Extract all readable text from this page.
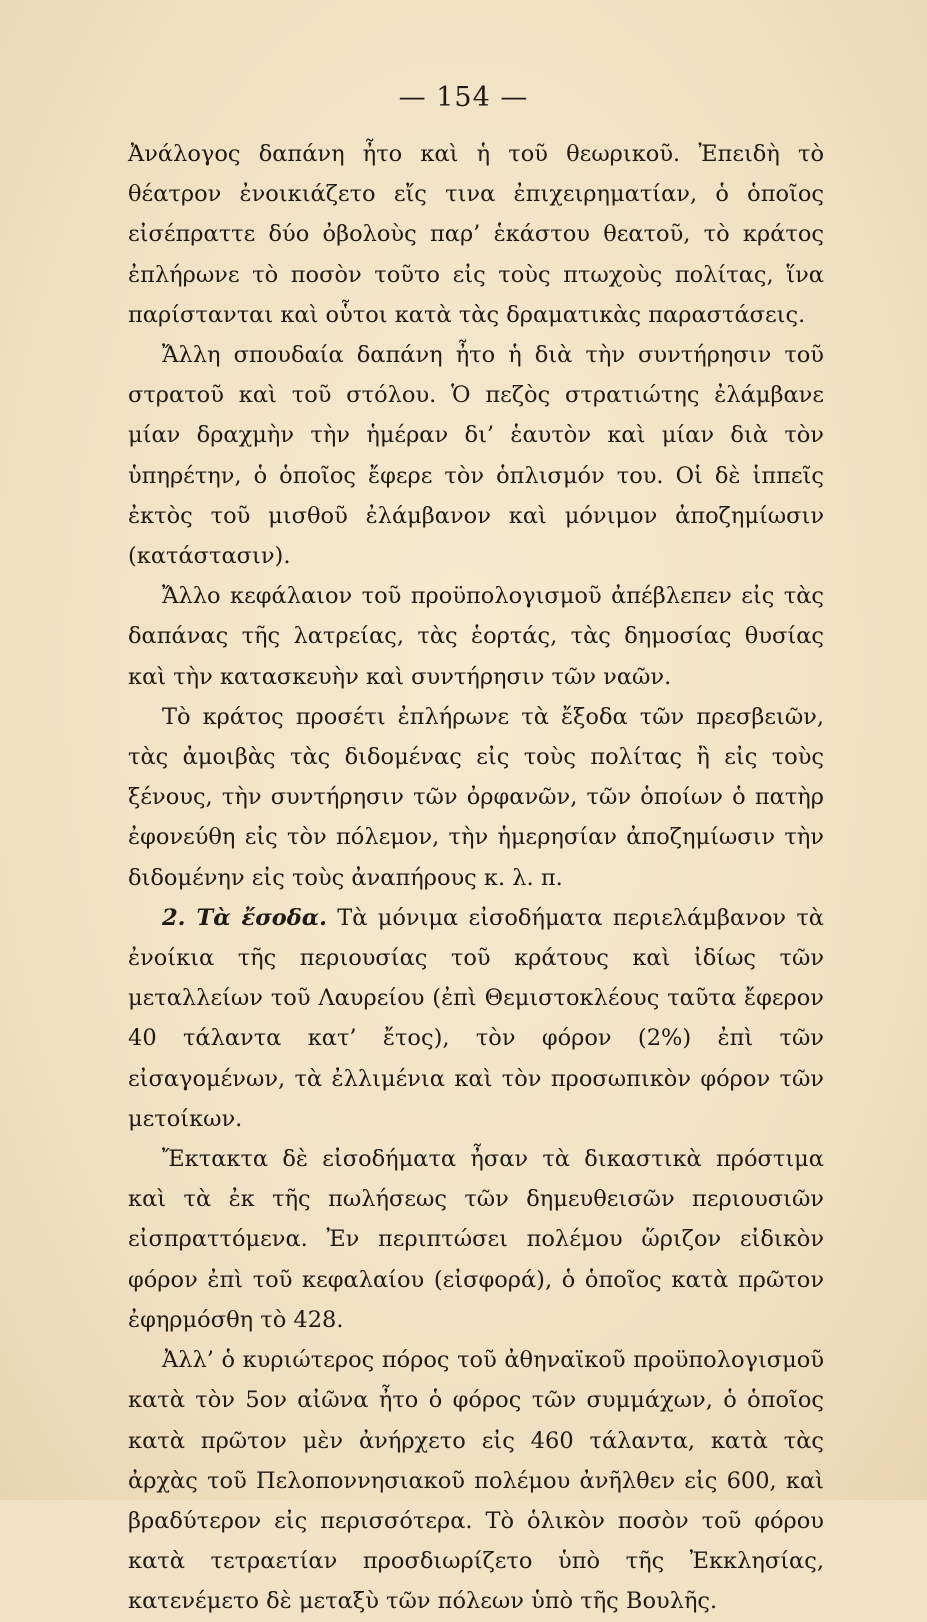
— 154 —

Ἀνάλογος δαπάνη ἦτο καὶ ἡ τοῦ θεωρικοῦ. Ἐπειδὴ τὸ θέατρον ἐνοικιάζετο εἴς τινα ἐπιχειρηματίαν, ὁ ὁποῖος εἰσέπραττε δύο ὀβολοὺς παρ’ ἑκάστου θεατοῦ, τὸ κράτος ἐπλήρωνε τὸ ποσὸν τοῦτο εἰς τοὺς πτωχοὺς πολίτας, ἵνα παρίστανται καὶ οὗτοι κατὰ τὰς δραματικὰς παραστάσεις.

Ἄλλη σπουδαία δαπάνη ἦτο ἡ διὰ τὴν συντήρησιν τοῦ στρατοῦ καὶ τοῦ στόλου. Ὁ πεζὸς στρατιώτης ἐλάμβανε μίαν δραχμὴν τὴν ἡμέραν δι’ ἑαυτὸν καὶ μίαν διὰ τὸν ὑπηρέτην, ὁ ὁποῖος ἔφερε τὸν ὁπλισμόν του. Οἱ δὲ ἱππεῖς ἐκτὸς τοῦ μισθοῦ ἐλάμβανον καὶ μόνιμον ἀποζημίωσιν (κατάστασιν).

Ἄλλο κεφάλαιον τοῦ προϋπολογισμοῦ ἀπέβλεπεν εἰς τὰς δαπάνας τῆς λατρείας, τὰς ἑορτάς, τὰς δημοσίας θυσίας καὶ τὴν κατασκευὴν καὶ συντήρησιν τῶν ναῶν.

Τὸ κράτος προσέτι ἐπλήρωνε τὰ ἔξοδα τῶν πρεσβειῶν, τὰς ἀμοιβὰς τὰς διδομένας εἰς τοὺς πολίτας ἢ εἰς τοὺς ξένους, τὴν συντήρησιν τῶν ὀρφανῶν, τῶν ὁποίων ὁ πατὴρ ἐφονεύθη εἰς τὸν πόλεμον, τὴν ἡμερησίαν ἀποζημίωσιν τὴν διδομένην εἰς τοὺς ἀναπήρους κ. λ. π.

2. Τὰ ἔσοδα. Τὰ μόνιμα εἰσοδήματα περιελάμβανον τὰ ἐνοίκια τῆς περιουσίας τοῦ κράτους καὶ ἰδίως τῶν μεταλλείων τοῦ Λαυρείου (ἐπὶ Θεμιστοκλέους ταῦτα ἔφερον 40 τάλαντα κατ’ ἔτος), τὸν φόρον (2%) ἐπὶ τῶν εἰσαγομένων, τὰ ἐλλιμένια καὶ τὸν προσωπικὸν φόρον τῶν μετοίκων.

Ἔκτακτα δὲ εἰσοδήματα ἦσαν τὰ δικαστικὰ πρόστιμα καὶ τὰ ἐκ τῆς πωλήσεως τῶν δημευθεισῶν περιουσιῶν εἰσπραττόμενα. Ἐν περιπτώσει πολέμου ὥριζον εἰδικὸν φόρον ἐπὶ τοῦ κεφαλαίου (εἰσφορά), ὁ ὁποῖος κατὰ πρῶτον ἐφηρμόσθη τὸ 428.

Ἀλλ’ ὁ κυριώτερος πόρος τοῦ ἀθηναϊκοῦ προϋπολογισμοῦ κατὰ τὸν 5ον αἰῶνα ἦτο ὁ φόρος τῶν συμμάχων, ὁ ὁποῖος κατὰ πρῶτον μὲν ἀνήρχετο εἰς 460 τάλαντα, κατὰ τὰς ἀρχὰς τοῦ Πελοποννησιακοῦ πολέμου ἀνῆλθεν εἰς 600, καὶ βραδύτερον εἰς περισσότερα. Τὸ ὁλικὸν ποσὸν τοῦ φόρου κατὰ τετραετίαν προσδιωρίζετο ὑπὸ τῆς Ἐκκλησίας, κατενέμετο δὲ μεταξὺ τῶν πόλεων ὑπὸ τῆς Βουλῆς.
